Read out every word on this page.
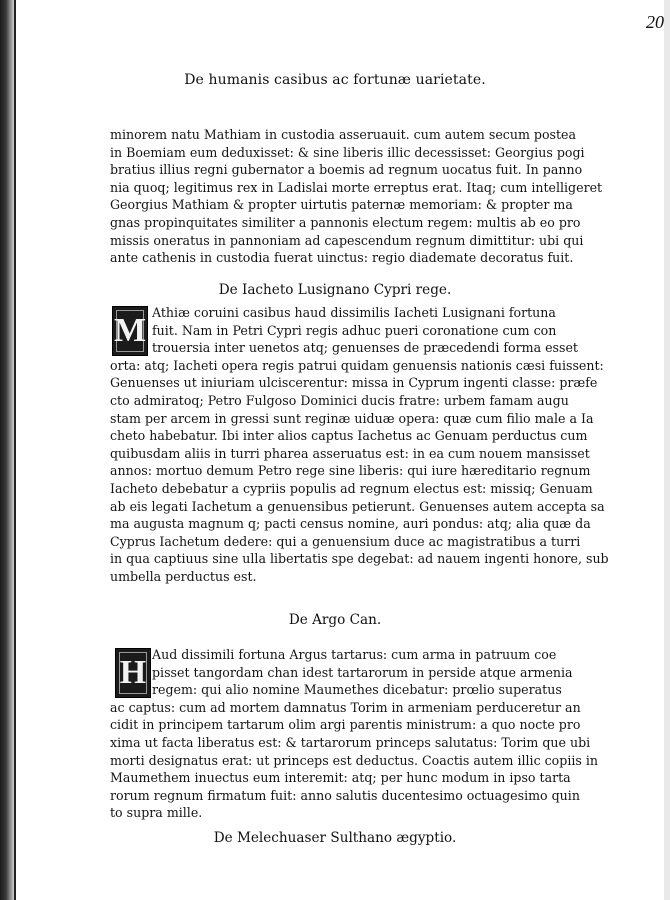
20
De humanis casibus ac fortunæ uarietate.
minorem natu Mathiam in custodia asseruauit. cum autem secum postea
in Boemiam eum deduxisset: & sine liberis illic decessisset: Georgius pogi
bratius illius regni gubernator a boemis ad regnum uocatus fuit. In panno
nia quoq; legitimus rex in Ladislai morte erreptus erat. Itaq; cum intelligeret
Georgius Mathiam & propter uirtutis paternæ memoriam: & propter ma
gnas propinquitates similiter a pannonis electum regem: multis ab eo pro
missis oneratus in pannoniam ad capescendum regnum dimittitur: ubi qui
ante cathenis in custodia fuerat uinctus: regio diademate decoratus fuit.
De Iacheto Lusignano Cypri rege.
M Athiæ coruini casibus haud dissimilis Iacheti Lusignani fortuna
fuit. Nam in Petri Cypri regis adhuc pueri coronatione cum con
trouersia inter uenetos atq; genuenses de præcedendi forma esset
orta: atq; Iacheti opera regis patrui quidam genuensis nationis cæsi fuissent:
Genuenses ut iniuriam ulciscerentur: missa in Cyprum ingenti classe: præfe
cto admiratoq; Petro Fulgoso Dominici ducis fratre: urbem famam augu
stam per arcem in gressi sunt reginæ uiduæ opera: quæ cum filio male a Ia
cheto habebatur. Ibi inter alios captus Iachetus ac Genuam perductus cum
quibusdam aliis in turri pharea asseruatus est: in ea cum nouem mansisset
annos: mortuo demum Petro rege sine liberis: qui iure hæreditario regnum
Iacheto debebatur a cypriis populis ad regnum electus est: missiq; Genuam
ab eis legati Iachetum a genuensibus petierunt. Genuenses autem accepta sa
ma augusta magnum q; pacti census nomine, auri pondus: atq; alia quæ da
Cyprus Iachetum dedere: qui a genuensium duce ac magistratibus a turri
in qua captiuus sine ulla libertatis spe degebat: ad nauem ingenti honore, sub
umbella perductus est.
De Argo Can.
H Aud dissimili fortuna Argus tartarus: cum arma in patruum coe
pisset tangordam chan idest tartarorum in perside atque armenia
regem: qui alio nomine Maumethes dicebatur: prœlio superatus
ac captus: cum ad mortem damnatus Torim in armeniam perduceretur an
cidit in principem tartarum olim argi parentis ministrum: a quo nocte pro
xima ut facta liberatus est: & tartarorum princeps salutatus: Torim que ubi
morti designatus erat: ut princeps est deductus. Coactis autem illic copiis in
Maumethem inuectus eum interemit: atq; per hunc modum in ipso tarta
rorum regnum firmatum fuit: anno salutis ducentesimo octuagesimo quin
to supra mille.
De Melechuaser Sulthano ægyptio.
